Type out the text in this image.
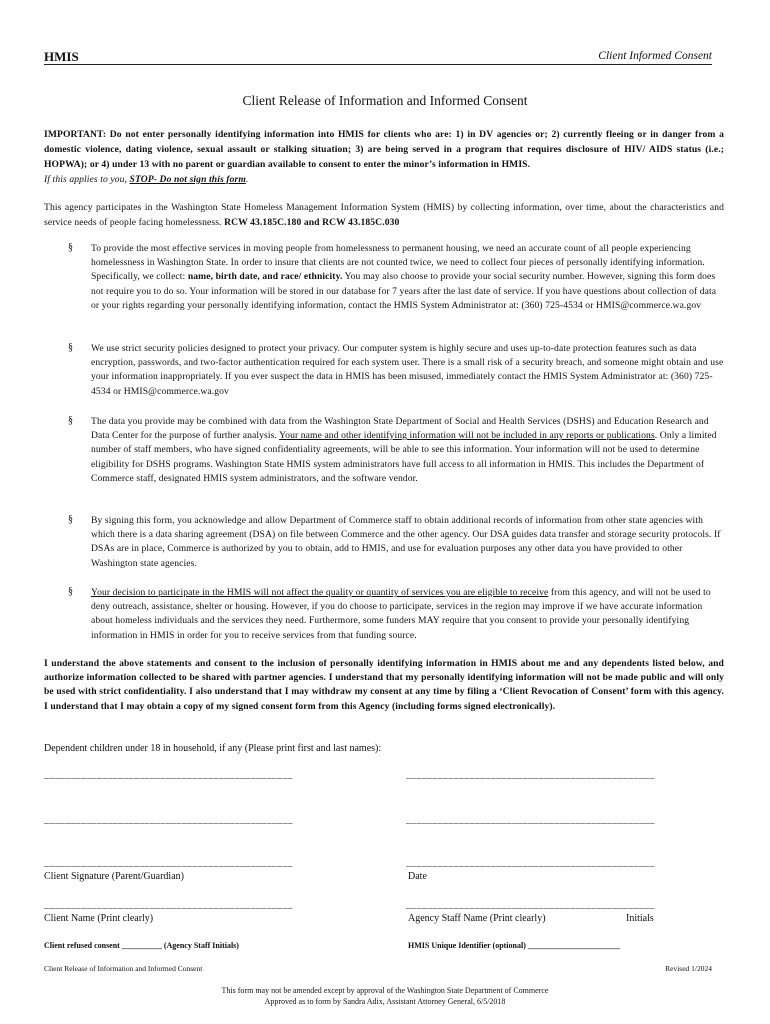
HMIS	Client Informed Consent
Client Release of Information and Informed Consent
IMPORTANT: Do not enter personally identifying information into HMIS for clients who are: 1) in DV agencies or; 2) currently fleeing or in danger from a domestic violence, dating violence, sexual assault or stalking situation; 3) are being served in a program that requires disclosure of HIV/ AIDS status (i.e.; HOPWA); or 4) under 13 with no parent or guardian available to consent to enter the minor’s information in HMIS.
If this applies to you, STOP- Do not sign this form.
This agency participates in the Washington State Homeless Management Information System (HMIS) by collecting information, over time, about the characteristics and service needs of people facing homelessness. RCW 43.185C.180 and RCW 43.185C.030
§ To provide the most effective services in moving people from homelessness to permanent housing, we need an accurate count of all people experiencing homelessness in Washington State. In order to insure that clients are not counted twice, we need to collect four pieces of personally identifying information. Specifically, we collect: name, birth date, and race/ ethnicity. You may also choose to provide your social security number. However, signing this form does not require you to do so. Your information will be stored in our database for 7 years after the last date of service. If you have questions about collection of data or your rights regarding your personally identifying information, contact the HMIS System Administrator at: (360) 725-4534 or HMIS@commerce.wa.gov
§ We use strict security policies designed to protect your privacy. Our computer system is highly secure and uses up-to-date protection features such as data encryption, passwords, and two-factor authentication required for each system user. There is a small risk of a security breach, and someone might obtain and use your information inappropriately. If you ever suspect the data in HMIS has been misused, immediately contact the HMIS System Administrator at: (360) 725-4534 or HMIS@commerce.wa.gov
§ The data you provide may be combined with data from the Washington State Department of Social and Health Services (DSHS) and Education Research and Data Center for the purpose of further analysis. Your name and other identifying information will not be included in any reports or publications. Only a limited number of staff members, who have signed confidentiality agreements, will be able to see this information. Your information will not be used to determine eligibility for DSHS programs. Washington State HMIS system administrators have full access to all information in HMIS. This includes the Department of Commerce staff, designated HMIS system administrators, and the software vendor.
§ By signing this form, you acknowledge and allow Department of Commerce staff to obtain additional records of information from other state agencies with which there is a data sharing agreement (DSA) on file between Commerce and the other agency. Our DSA guides data transfer and storage security protocols. If DSAs are in place, Commerce is authorized by you to obtain, add to HMIS, and use for evaluation purposes any other data you have provided to other Washington state agencies.
§ Your decision to participate in the HMIS will not affect the quality or quantity of services you are eligible to receive from this agency, and will not be used to deny outreach, assistance, shelter or housing. However, if you do choose to participate, services in the region may improve if we have accurate information about homeless individuals and the services they need. Furthermore, some funders MAY require that you consent to provide your personally identifying information in HMIS in order for you to receive services from that funding source.
I understand the above statements and consent to the inclusion of personally identifying information in HMIS about me and any dependents listed below, and authorize information collected to be shared with partner agencies. I understand that my personally identifying information will not be made public and will only be used with strict confidentiality. I also understand that I may withdraw my consent at any time by filing a ‘Client Revocation of Consent’ form with this agency. I understand that I may obtain a copy of my signed consent form from this Agency (including forms signed electronically).
Dependent children under 18 in household, if any (Please print first and last names):
_______________________________________________	_______________________________________________
_______________________________________________	_______________________________________________
_______________________________________________	_______________________________________________
Client Signature (Parent/Guardian)	Date
_______________________________________________	_______________________________________________
Client Name (Print clearly)	Agency Staff Name (Print clearly)	Initials
Client refused consent __________ (Agency Staff Initials)	HMIS Unique Identifier (optional) _______________________
Client Release of Information and Informed Consent	Revised 1/2024
This form may not be amended except by approval of the Washington State Department of Commerce
Approved as to form by Sandra Adix, Assistant Attorney General, 6/5/2018
